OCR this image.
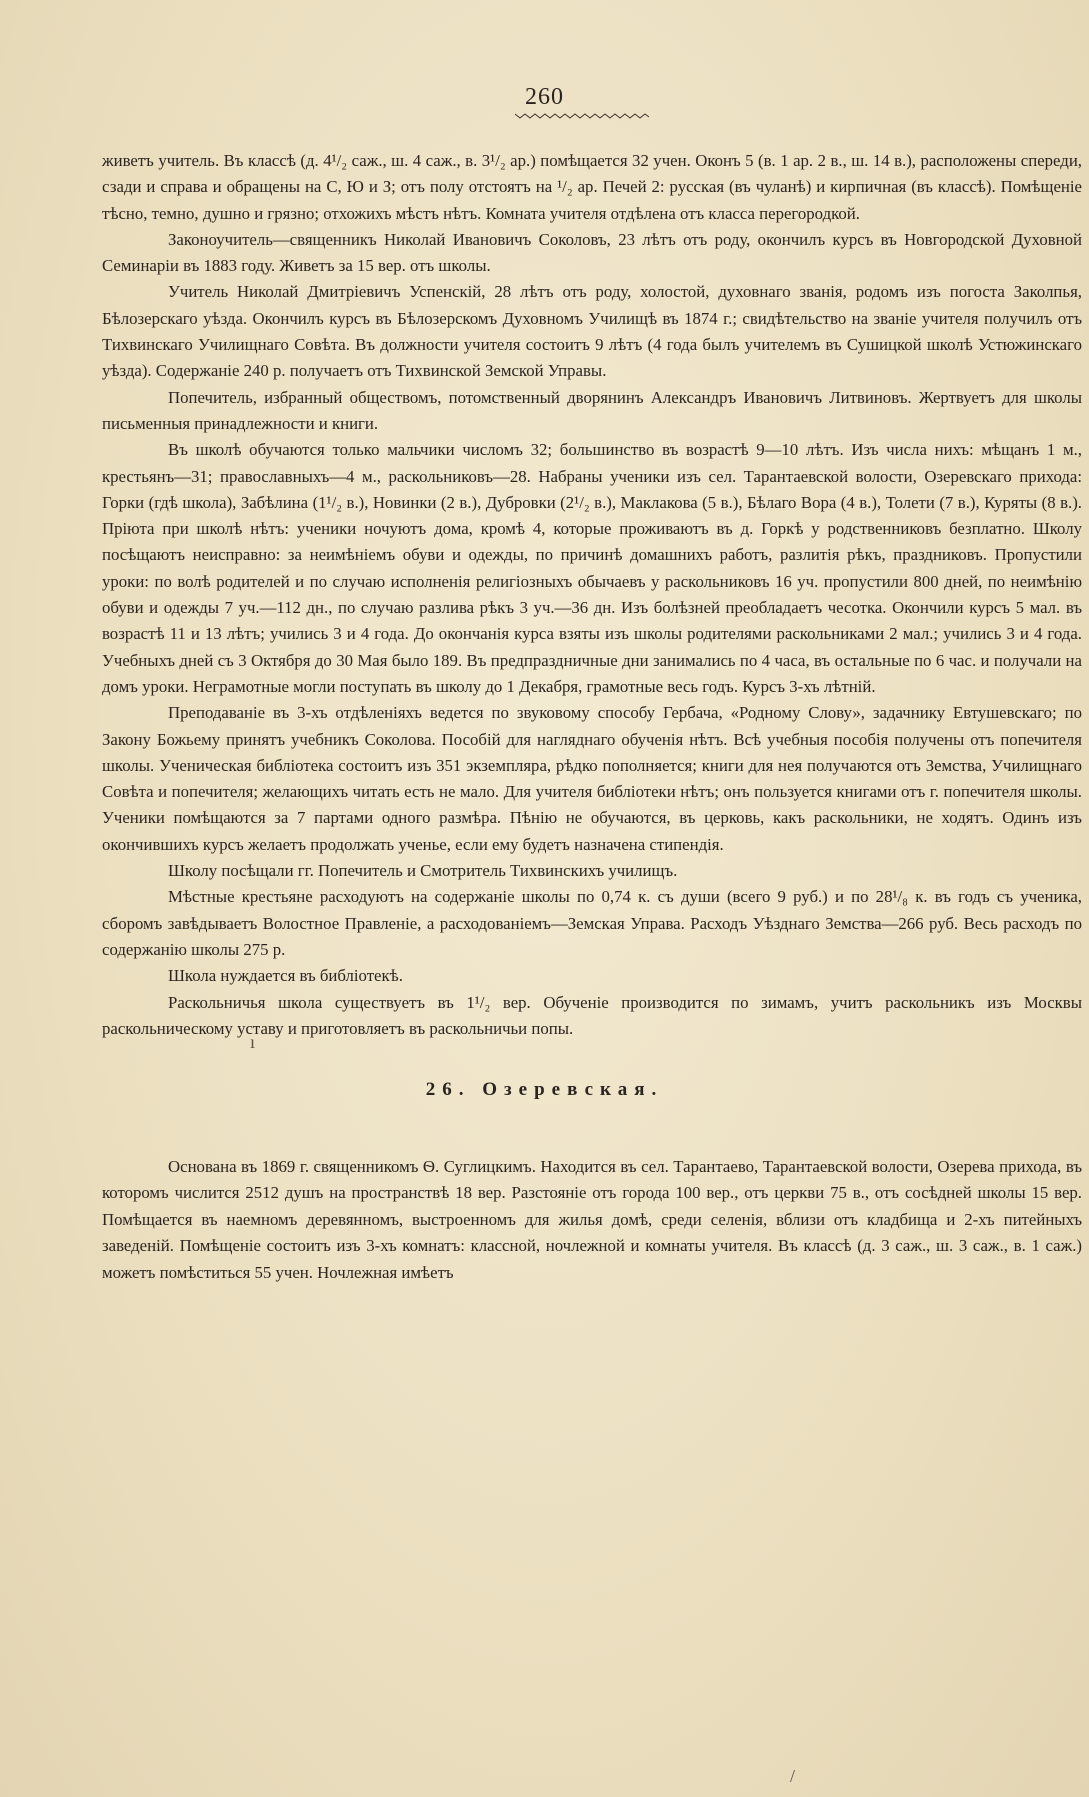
260

живетъ учитель. Въ классѣ (д. 4¹/₂ саж., ш. 4 саж., в. 3¹/₂ ар.) помѣщается 32 учен. Оконъ 5 (в. 1 ар. 2 в., ш. 14 в.), расположены спереди, сзади и справа и обращены на С, Ю и З; отъ полу отстоятъ на ¹/₂ ар. Печей 2: русская (въ чуланѣ) и кирпичная (въ классѣ). Помѣщеніе тѣсно, темно, душно и грязно; отхожихъ мѣстъ нѣтъ. Комната учителя отдѣлена отъ класса перегородкой.

Законоучитель—священникъ Николай Ивановичъ Соколовъ, 23 лѣтъ отъ роду, окончилъ курсъ въ Новгородской Духовной Семинаріи въ 1883 году. Живетъ за 15 вер. отъ школы.

Учитель Николай Дмитріевичъ Успенскій, 28 лѣтъ отъ роду, холостой, духовнаго званія, родомъ изъ погоста Заколпья, Бѣлозерскаго уѣзда. Окончилъ курсъ въ Бѣлозерскомъ Духовномъ Училищѣ въ 1874 г.; свидѣтельство на званіе учителя получилъ отъ Тихвинскаго Училищнаго Совѣта. Въ должности учителя состоитъ 9 лѣтъ (4 года былъ учителемъ въ Сушицкой школѣ Устюжинскаго уѣзда). Содержаніе 240 р. получаетъ отъ Тихвинской Земской Управы.

Попечитель, избранный обществомъ, потомственный дворянинъ Александръ Ивановичъ Литвиновъ. Жертвуетъ для школы письменныя принадлежности и книги.

Въ школѣ обучаются только мальчики числомъ 32; большинство въ возрастѣ 9—10 лѣтъ. Изъ числа нихъ: мѣщанъ 1 м., крестьянъ—31; православныхъ—4 м., раскольниковъ—28. Набраны ученики изъ сел. Тарантаевской волости, Озеревскаго прихода: Горки (гдѣ школа), Забѣлина (1¹/₂ в.), Новинки (2 в.), Дубровки (2¹/₂ в.), Маклакова (5 в.), Бѣлаго Вора (4 в.), Толети (7 в.), Куряты (8 в.). Пріюта при школѣ нѣтъ: ученики ночуютъ дома, кромѣ 4, которые проживаютъ въ д. Горкѣ у родственниковъ безплатно. Школу посѣщаютъ неисправно: за неимѣніемъ обуви и одежды, по причинѣ домашнихъ работъ, разлитія рѣкъ, праздниковъ. Пропустили уроки: по волѣ родителей и по случаю исполненія религіозныхъ обычаевъ у раскольниковъ 16 уч. пропустили 800 дней, по неимѣнію обуви и одежды 7 уч.—112 дн., по случаю разлива рѣкъ 3 уч.—36 дн. Изъ болѣзней преобладаетъ чесотка. Окончили курсъ 5 мал. въ возрастѣ 11 и 13 лѣтъ; учились 3 и 4 года. До окончанія курса взяты изъ школы родителями раскольниками 2 мал.; учились 3 и 4 года. Учебныхъ дней съ 3 Октября до 30 Мая было 189. Въ предпраздничные дни занимались по 4 часа, въ остальные по 6 час. и получали на домъ уроки. Неграмотные могли поступать въ школу до 1 Декабря, грамотные весь годъ. Курсъ 3-хъ лѣтній.

Преподаваніе въ 3-хъ отдѣленіяхъ ведется по звуковому способу Гербача, «Родному Слову», задачнику Евтушевскаго; по Закону Божьему принятъ учебникъ Соколова. Пособій для нагляднаго обученія нѣтъ. Всѣ учебныя пособія получены отъ попечителя школы. Ученическая библіотека состоитъ изъ 351 экземпляра, рѣдко пополняется; книги для нея получаются отъ Земства, Училищнаго Совѣта и попечителя; желающихъ читать есть не мало. Для учителя библіотеки нѣтъ; онъ пользуется книгами отъ г. попечителя школы. Ученики помѣщаются за 7 партами одного размѣра. Пѣнію не обучаются, въ церковь, какъ раскольники, не ходятъ. Одинъ изъ окончившихъ курсъ желаетъ продолжать ученье, если ему будетъ назначена стипендія.

Школу посѣщали гг. Попечитель и Смотритель Тихвинскихъ училищъ.

Мѣстные крестьяне расходуютъ на содержаніе школы по 0,74 к. съ души (всего 9 руб.) и по 28¹/₈ к. въ годъ съ ученика, сборомъ завѣдываетъ Волостное Правленіе, а расходованіемъ—Земская Управа. Расходъ Уѣзднаго Земства—266 руб. Весь расходъ по содержанію школы 275 р.

Школа нуждается въ библіотекѣ.

Раскольничья школа существуетъ въ 1¹/₂ вер. Обученіе производится по зимамъ, учитъ раскольникъ изъ Москвы раскольническому уставу и приготовляетъ въ раскольничьи попы.

ı
26. Озеревская.

Основана въ 1869 г. священникомъ Ѳ. Суглицкимъ. Находится въ сел. Тарантаево, Тарантаевской волости, Озерева прихода, въ которомъ числится 2512 душъ на пространствѣ 18 вер. Разстояніе отъ города 100 вер., отъ церкви 75 в., отъ сосѣдней школы 15 вер. Помѣщается въ наемномъ деревянномъ, выстроенномъ для жилья домѣ, среди селенія, вблизи отъ кладбища и 2-хъ питейныхъ заведеній. Помѣщеніе состоитъ изъ 3-хъ комнатъ: классной, ночлежной и комнаты учителя. Въ классѣ (д. 3 саж., ш. 3 саж., в. 1 саж.) можетъ помѣститься 55 учен. Ночлежная имѣетъ

/
